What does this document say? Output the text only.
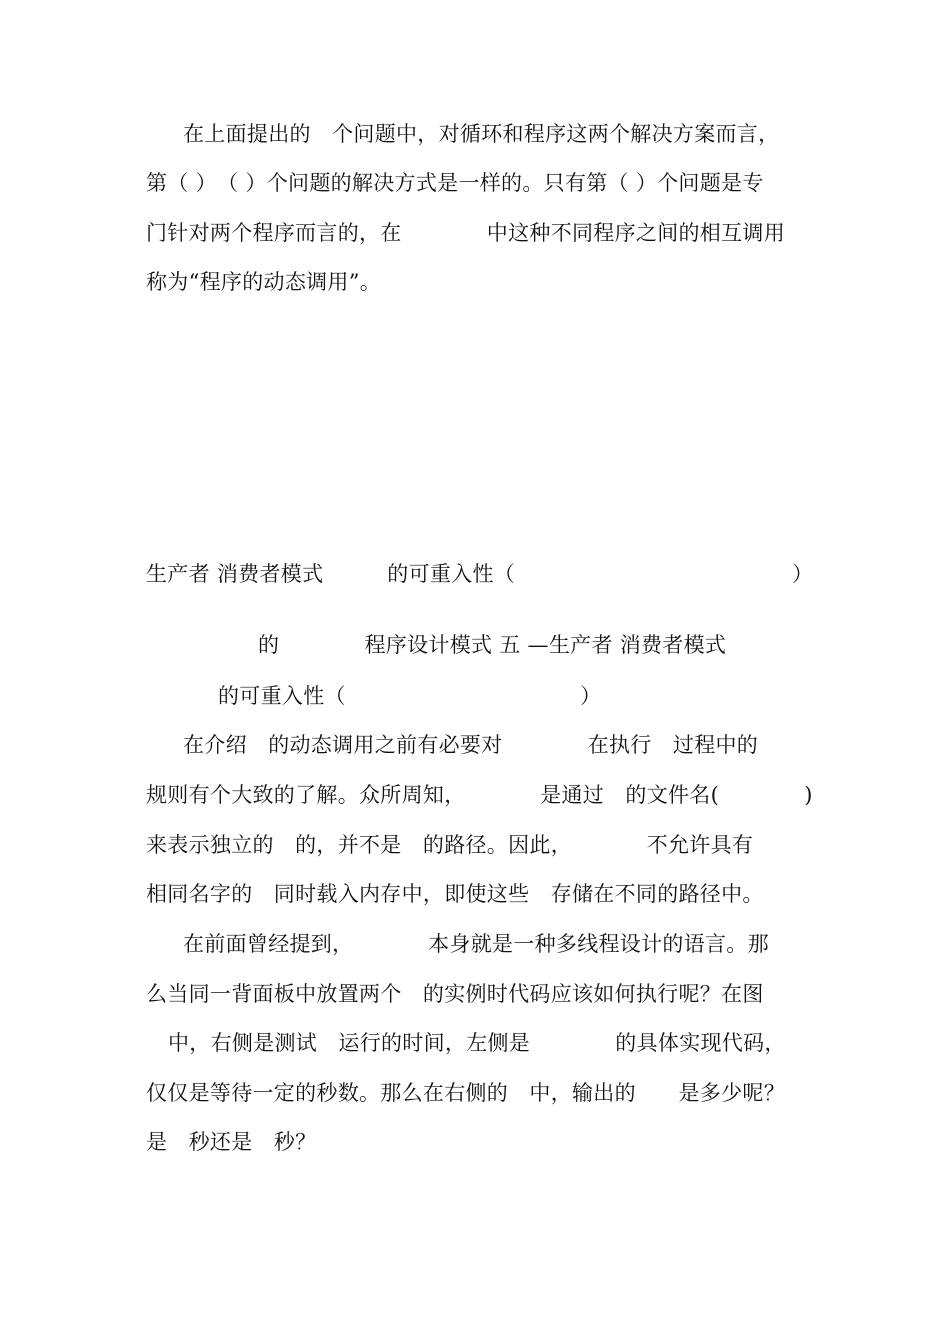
在上面提出的　个问题中，对循环和程序这两个解决方案而言，
第（ ）　（ ）个问题的解决方式是一样的。只有第（ ）个问题是专
门针对两个程序而言的，在　　　　中这种不同程序之间的相互调用
称为“程序的动态调用”。
生产者 消费者模式　　　的可重入性（　　　　　　　　　　　　　）
的　　　　程序设计模式 五 —生产者 消费者模式
的可重入性（　　　　　　　　　　　）
在介绍　的动态调用之前有必要对　　　　在执行　过程中的
规则有个大致的了解。众所周知，　　　　是通过　的文件名(　　　　)
来表示独立的　的，并不是　的路径。因此，　　　　不允许具有
相同名字的　同时载入内存中，即使这些　存储在不同的路径中。
在前面曾经提到，　　　　本身就是一种多线程设计的语言。那
么当同一背面板中放置两个　的实例时代码应该如何执行呢？在图
中，右侧是测试　运行的时间，左侧是　　　　的具体实现代码，
仅仅是等待一定的秒数。那么在右侧的　中，输出的　　是多少呢？
是　秒还是　秒？
